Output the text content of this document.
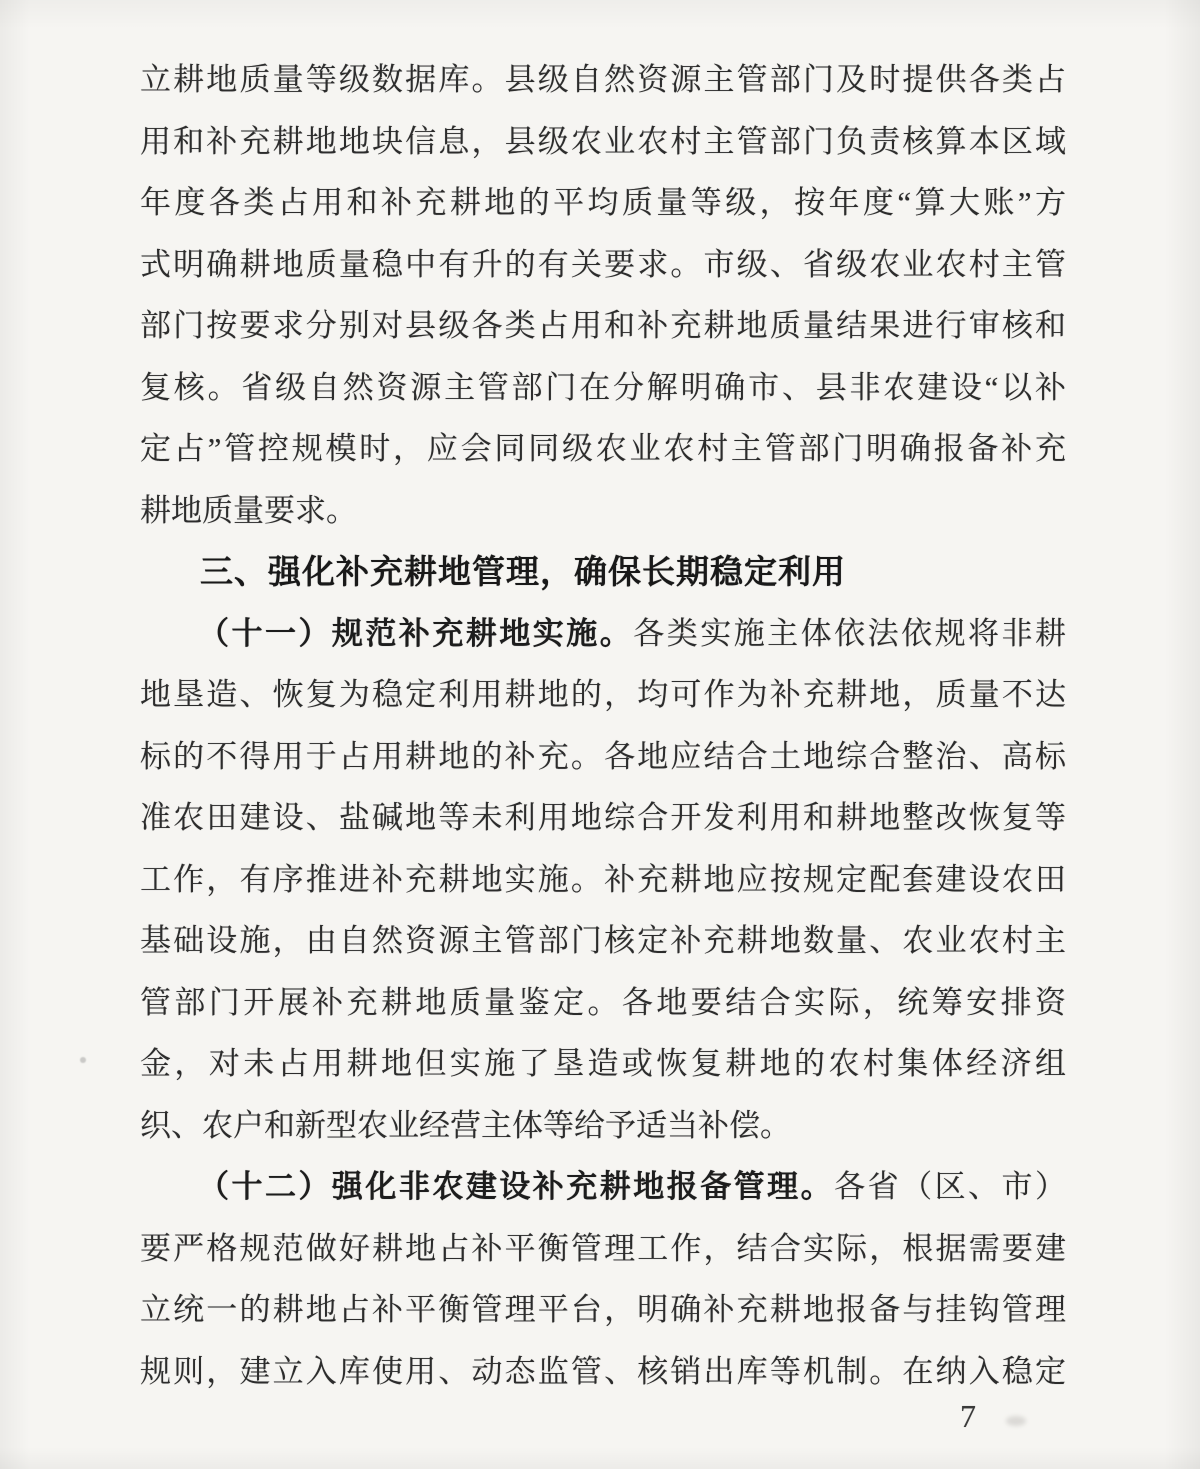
立耕地质量等级数据库。县级自然资源主管部门及时提供各类占
用和补充耕地地块信息，县级农业农村主管部门负责核算本区域
年度各类占用和补充耕地的平均质量等级，按年度“算大账”方
式明确耕地质量稳中有升的有关要求。市级、省级农业农村主管
部门按要求分别对县级各类占用和补充耕地质量结果进行审核和
复核。省级自然资源主管部门在分解明确市、县非农建设“以补
定占”管控规模时，应会同同级农业农村主管部门明确报备补充
耕地质量要求。
三、强化补充耕地管理，确保长期稳定利用
（十一）规范补充耕地实施。各类实施主体依法依规将非耕
地垦造、恢复为稳定利用耕地的，均可作为补充耕地，质量不达
标的不得用于占用耕地的补充。各地应结合土地综合整治、高标
准农田建设、盐碱地等未利用地综合开发利用和耕地整改恢复等
工作，有序推进补充耕地实施。补充耕地应按规定配套建设农田
基础设施，由自然资源主管部门核定补充耕地数量、农业农村主
管部门开展补充耕地质量鉴定。各地要结合实际，统筹安排资
金，对未占用耕地但实施了垦造或恢复耕地的农村集体经济组
织、农户和新型农业经营主体等给予适当补偿。
（十二）强化非农建设补充耕地报备管理。各省（区、市）
要严格规范做好耕地占补平衡管理工作，结合实际，根据需要建
立统一的耕地占补平衡管理平台，明确补充耕地报备与挂钩管理
规则，建立入库使用、动态监管、核销出库等机制。在纳入稳定
7
